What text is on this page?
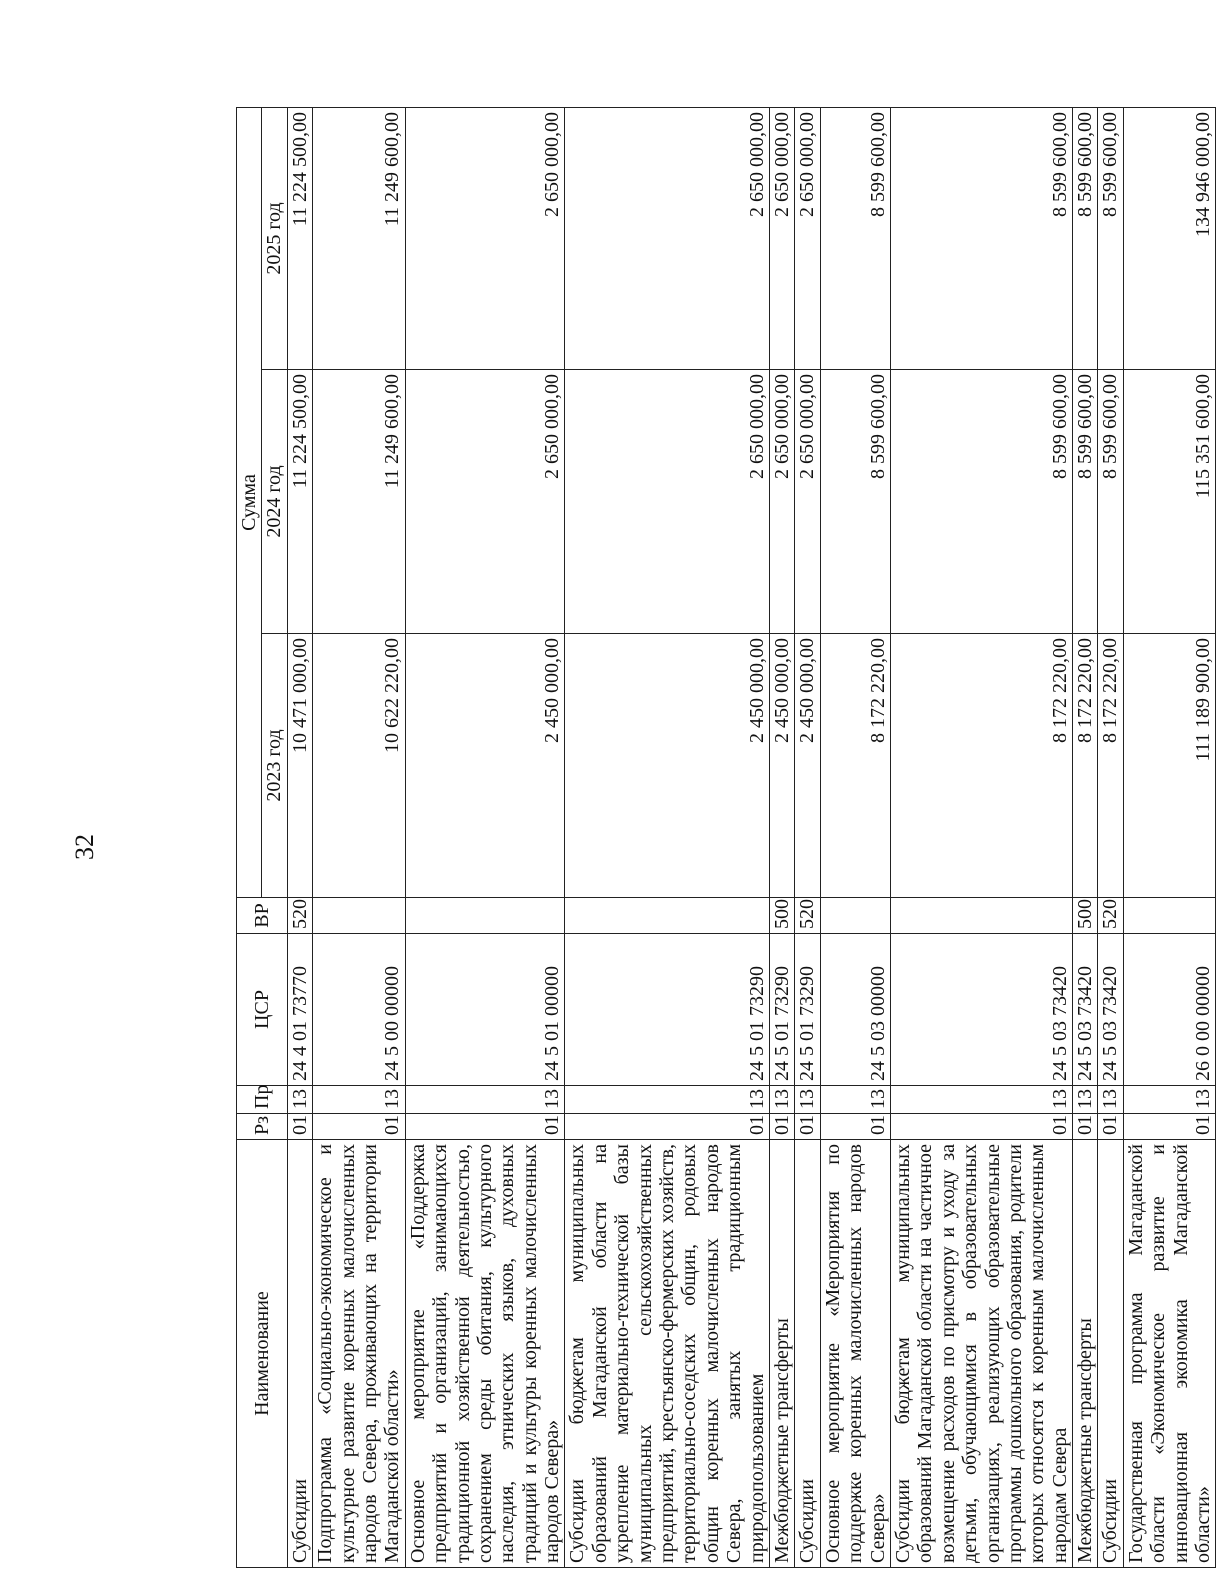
32
Наименование	Рз	Пр	ЦСР	ВР	Сумма		
					2023 год	2024 год	2025 год
Субсидии	01	13	24 4 01 73770	520	10 471 000,00	11 224 500,00	11 224 500,00
Подпрограмма «Социально-экономическое и культурное развитие коренных малочисленных народов Севера, проживающих на территории Магаданской области»	01	13	24 5 00 00000		10 622 220,00	11 249 600,00	11 249 600,00
Основное мероприятие «Поддержка предприятий и организаций, занимающихся традиционной хозяйственной деятельностью, сохранением среды обитания, культурного наследия, этнических языков, духовных традиций и культуры коренных малочисленных народов Севера»	01	13	24 5 01 00000		2 450 000,00	2 650 000,00	2 650 000,00
Субсидии бюджетам муниципальных образований Магаданской области на укрепление материально-технической базы муниципальных сельскохозяйственных предприятий, крестьянско-фермерских хозяйств, территориально-соседских общин, родовых общин коренных малочисленных народов Севера, занятых традиционным природопользованием	01	13	24 5 01 73290		2 450 000,00	2 650 000,00	2 650 000,00
Межбюджетные трансферты	01	13	24 5 01 73290	500	2 450 000,00	2 650 000,00	2 650 000,00
Субсидии	01	13	24 5 01 73290	520	2 450 000,00	2 650 000,00	2 650 000,00
Основное мероприятие «Мероприятия по поддержке коренных малочисленных народов Севера»	01	13	24 5 03 00000		8 172 220,00	8 599 600,00	8 599 600,00
Субсидии бюджетам муниципальных образований Магаданской области на частичное возмещение расходов по присмотру и уходу за детьми, обучающимися в образовательных организациях, реализующих образовательные программы дошкольного образования, родители которых относятся к коренным малочисленным народам Севера	01	13	24 5 03 73420		8 172 220,00	8 599 600,00	8 599 600,00
Межбюджетные трансферты	01	13	24 5 03 73420	500	8 172 220,00	8 599 600,00	8 599 600,00
Субсидии	01	13	24 5 03 73420	520	8 172 220,00	8 599 600,00	8 599 600,00
Государственная программа Магаданской области «Экономическое развитие и инновационная экономика Магаданской области»	01	13	26 0 00 00000		111 189 900,00	115 351 600,00	134 946 000,00
